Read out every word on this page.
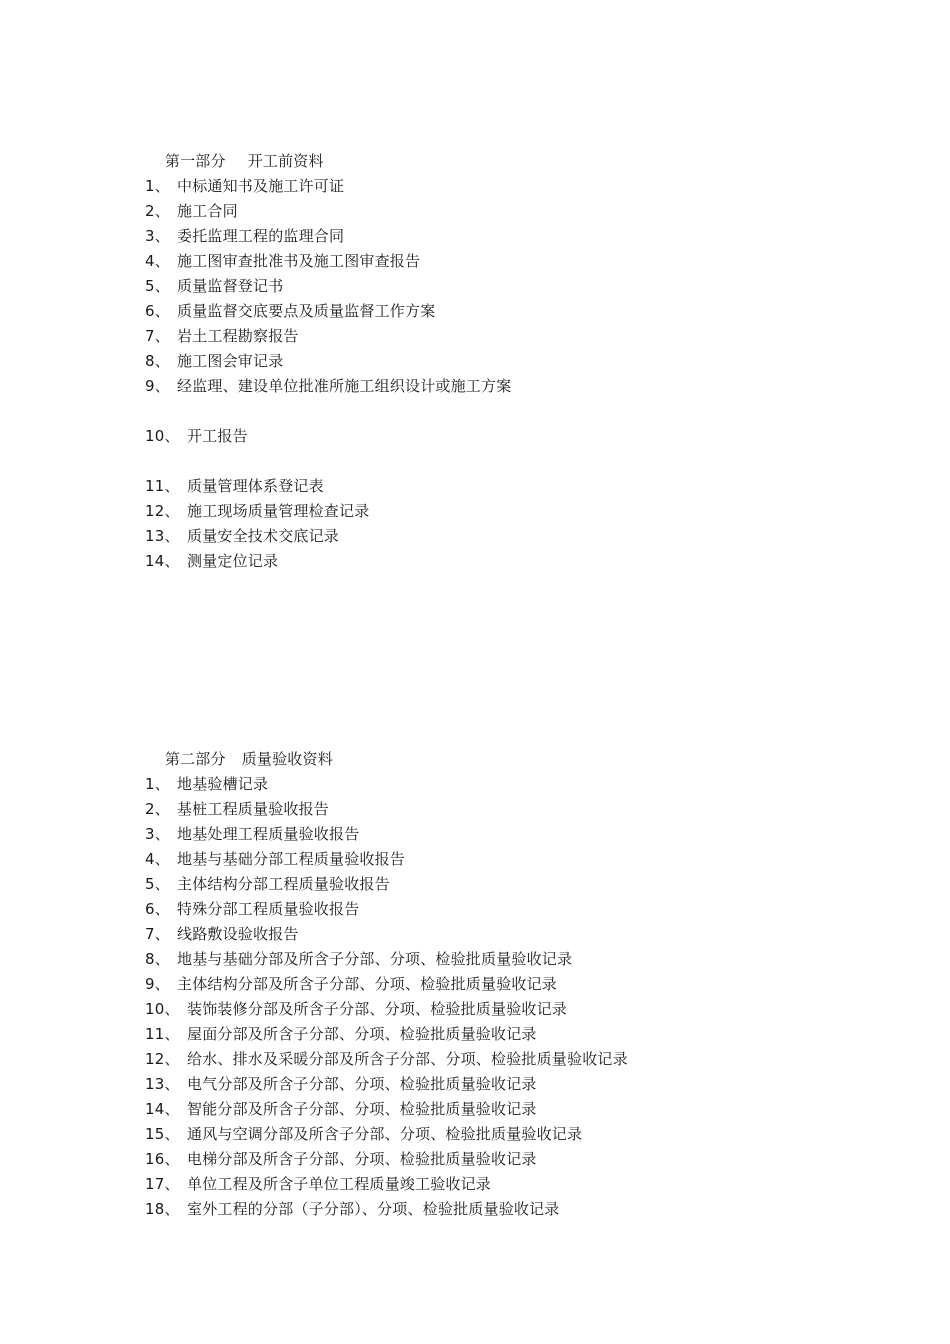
第一部分 开工前资料

1、 中标通知书及施工许可证
2、 施工合同
3、 委托监理工程的监理合同
4、 施工图审查批准书及施工图审查报告
5、 质量监督登记书
6、 质量监督交底要点及质量监督工作方案
7、 岩土工程勘察报告
8、 施工图会审记录
9、 经监理、建设单位批准所施工组织设计或施工方案
10、 开工报告
11、 质量管理体系登记表
12、 施工现场质量管理检查记录
13、 质量安全技术交底记录
14、 测量定位记录

第二部分 质量验收资料

1、 地基验槽记录
2、 基桩工程质量验收报告
3、 地基处理工程质量验收报告
4、 地基与基础分部工程质量验收报告
5、 主体结构分部工程质量验收报告
6、 特殊分部工程质量验收报告
7、 线路敷设验收报告
8、 地基与基础分部及所含子分部、分项、检验批质量验收记录
9、 主体结构分部及所含子分部、分项、检验批质量验收记录
10、 装饰装修分部及所含子分部、分项、检验批质量验收记录
11、 屋面分部及所含子分部、分项、检验批质量验收记录
12、 给水、排水及采暖分部及所含子分部、分项、检验批质量验收记录
13、 电气分部及所含子分部、分项、检验批质量验收记录
14、 智能分部及所含子分部、分项、检验批质量验收记录
15、 通风与空调分部及所含子分部、分项、检验批质量验收记录
16、 电梯分部及所含子分部、分项、检验批质量验收记录
17、 单位工程及所含子单位工程质量竣工验收记录
18、 室外工程的分部（子分部）、分项、检验批质量验收记录
